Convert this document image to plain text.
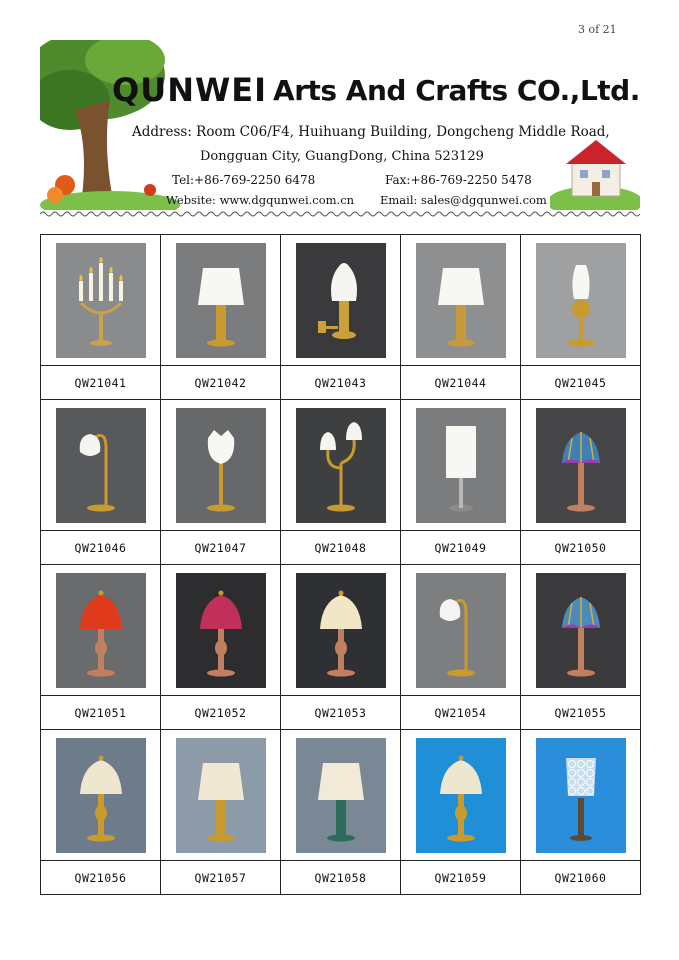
3 of 21
QUNWEI Arts And Crafts CO.,Ltd.
Address: Room C06/F4, Huihuang Building, Dongcheng Middle Road,
Dongguan City, GuangDong, China 523129
Tel:+86-769-2250 6478	Fax:+86-769-2250 5478
Website: www.dgqunwei.com.cn Email: sales@dgqunwei.com

QW21041	QW21042	QW21043	QW21044	QW21045

QW21046	QW21047	QW21048	QW21049	QW21050

QW21051	QW21052	QW21053	QW21054	QW21055

QW21056	QW21057	QW21058	QW21059	QW21060
